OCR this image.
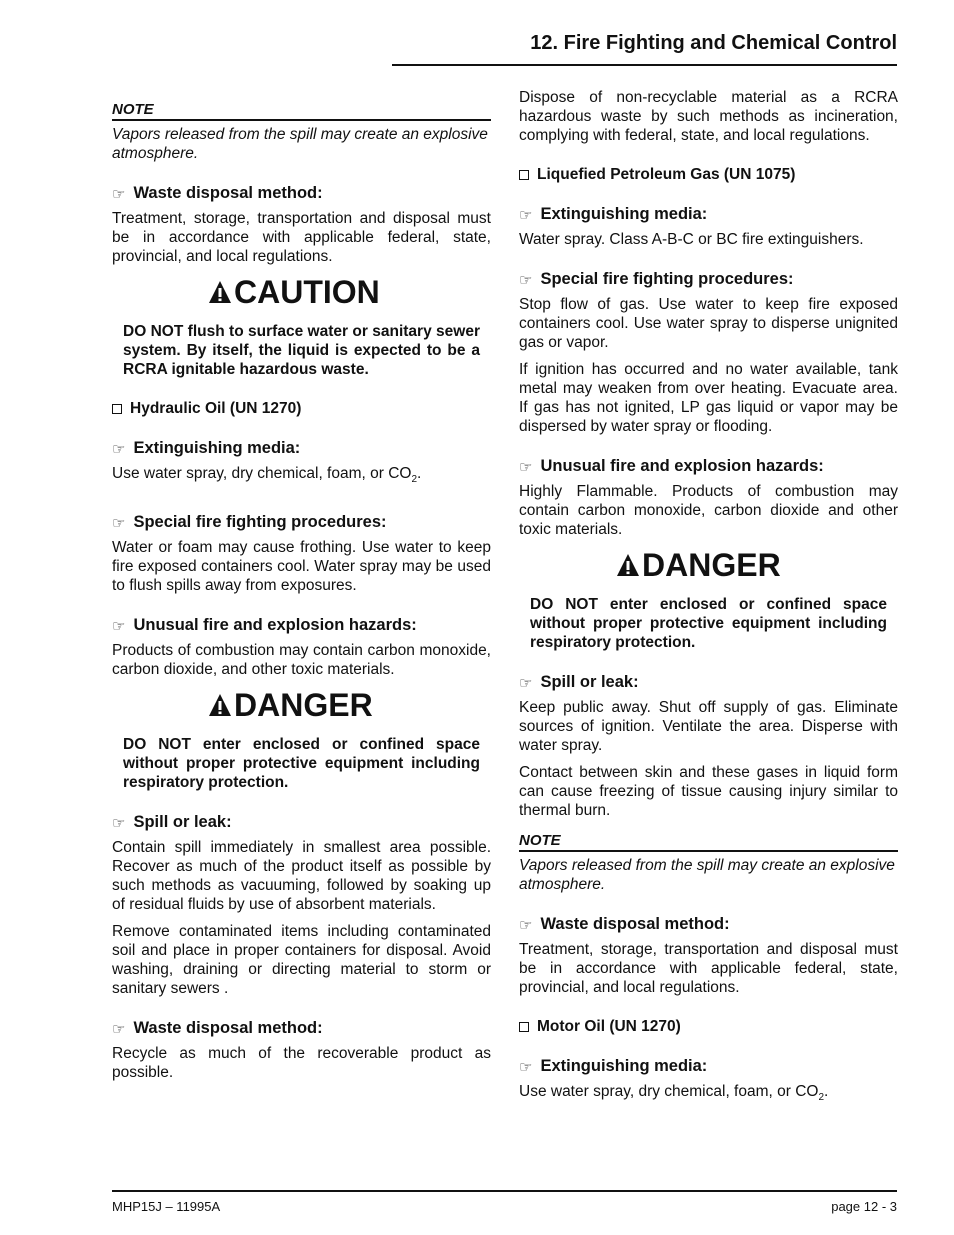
12. Fire Fighting and Chemical Control
NOTE
Vapors released from the spill may create an explosive atmosphere.
☞ Waste disposal method:

Treatment, storage, transportation and disposal must be in accordance with applicable federal, state, provincial, and local regulations.

CAUTION
DO NOT flush to surface water or sanitary sewer system. By itself, the liquid is expected to be a RCRA ignitable hazardous waste.
Hydraulic Oil (UN 1270)
☞ Extinguishing media:

Use water spray, dry chemical, foam, or $CO_2$.

☞ Special fire fighting procedures:

Water or foam may cause frothing. Use water to keep fire exposed containers cool. Water spray may be used to flush spills away from exposures.

☞ Unusual fire and explosion hazards:

Products of combustion may contain carbon monoxide, carbon dioxide, and other toxic materials.

DANGER
DO NOT enter enclosed or confined space without proper protective equipment including respiratory protection.
☞ Spill or leak:

Contain spill immediately in smallest area possible. Recover as much of the product itself as possible by such methods as vacuuming, followed by soaking up of residual fluids by use of absorbent materials.

Remove contaminated items including contaminated soil and place in proper containers for disposal. Avoid washing, draining or directing material to storm or sanitary sewers .

☞ Waste disposal method:

Recycle as much of the recoverable product as possible.

Dispose of non-recyclable material as a RCRA hazardous waste by such methods as incineration, complying with federal, state, and local regulations.

Liquefied Petroleum Gas (UN 1075)
☞ Extinguishing media:

Water spray. Class A-B-C or BC fire extinguishers.

☞ Special fire fighting procedures:

Stop flow of gas. Use water to keep fire exposed containers cool. Use water spray to disperse unignited gas or vapor.

If ignition has occurred and no water available, tank metal may weaken from over heating. Evacuate area. If gas has not ignited, LP gas liquid or vapor may be dispersed by water spray or flooding.

☞ Unusual fire and explosion hazards:

Highly Flammable. Products of combustion may contain carbon monoxide, carbon dioxide and other toxic materials.

DANGER
DO NOT enter enclosed or confined space without proper protective equipment including respiratory protection.
☞ Spill or leak:

Keep public away. Shut off supply of gas. Eliminate sources of ignition. Ventilate the area. Disperse with water spray.

Contact between skin and these gases in liquid form can cause freezing of tissue causing injury similar to thermal burn.

NOTE
Vapors released from the spill may create an explosive atmosphere.
☞ Waste disposal method:

Treatment, storage, transportation and disposal must be in accordance with applicable federal, state, provincial, and local regulations.

Motor Oil (UN 1270)
☞ Extinguishing media:

Use water spray, dry chemical, foam, or $CO_2$.

MHP15J – 11995A	page 12 - 3
